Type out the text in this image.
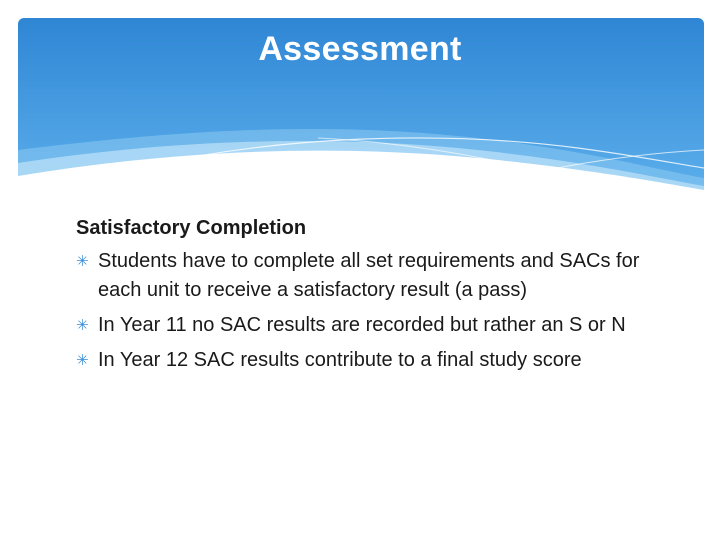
Assessment
Satisfactory Completion
✳ Students have to complete all set requirements and SACs for each unit to receive a satisfactory result (a pass)
✳ In Year 11 no SAC results are recorded but rather an S or N
✳ In Year 12 SAC results contribute to a final study score
